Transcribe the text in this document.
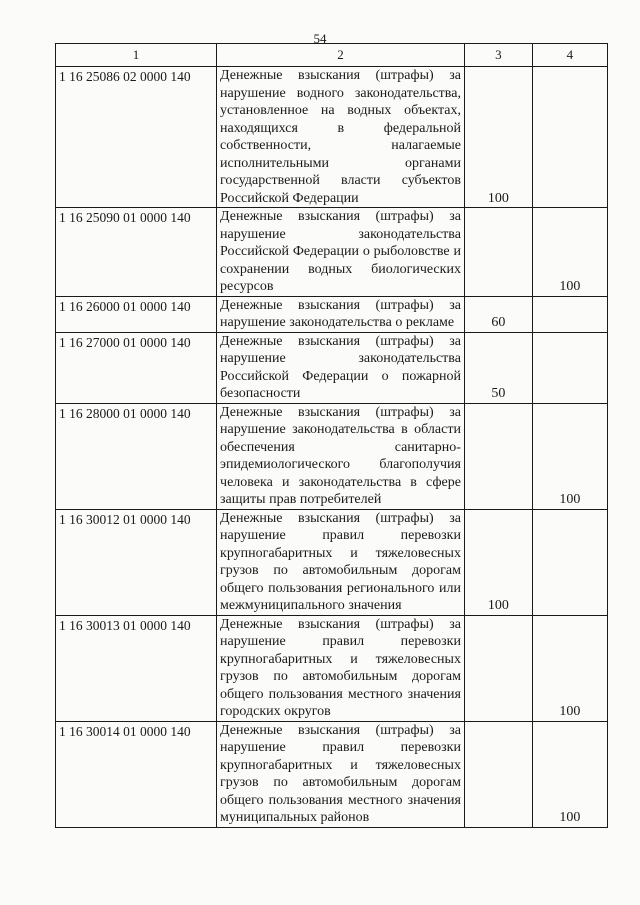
54
1	2	3	4
1 16 25086 02 0000 140	Денежные взыскания (штрафы) за нарушение водного законодательства, установленное на водных объектах, находящихся в федеральной собственности, налагаемые исполнительными органами государственной власти субъектов Российской Федерации	100	
1 16 25090 01 0000 140	Денежные взыскания (штрафы) за нарушение законодательства Российской Федерации о рыболовстве и сохранении водных биологических ресурсов		100
1 16 26000 01 0000 140	Денежные взыскания (штрафы) за нарушение законодательства о рекламе	60	
1 16 27000 01 0000 140	Денежные взыскания (штрафы) за нарушение законодательства Российской Федерации о пожарной безопасности	50	
1 16 28000 01 0000 140	Денежные взыскания (штрафы) за нарушение законодательства в области обеспечения санитарно-эпидемиологического благополучия человека и законодательства в сфере защиты прав потребителей		100
1 16 30012 01 0000 140	Денежные взыскания (штрафы) за нарушение правил перевозки крупногабаритных и тяжеловесных грузов по автомобильным дорогам общего пользования регионального или межмуниципального значения	100	
1 16 30013 01 0000 140	Денежные взыскания (штрафы) за нарушение правил перевозки крупногабаритных и тяжеловесных грузов по автомобильным дорогам общего пользования местного значения городских округов		100
1 16 30014 01 0000 140	Денежные взыскания (штрафы) за нарушение правил перевозки крупногабаритных и тяжеловесных грузов по автомобильным дорогам общего пользования местного значения муниципальных районов		100
